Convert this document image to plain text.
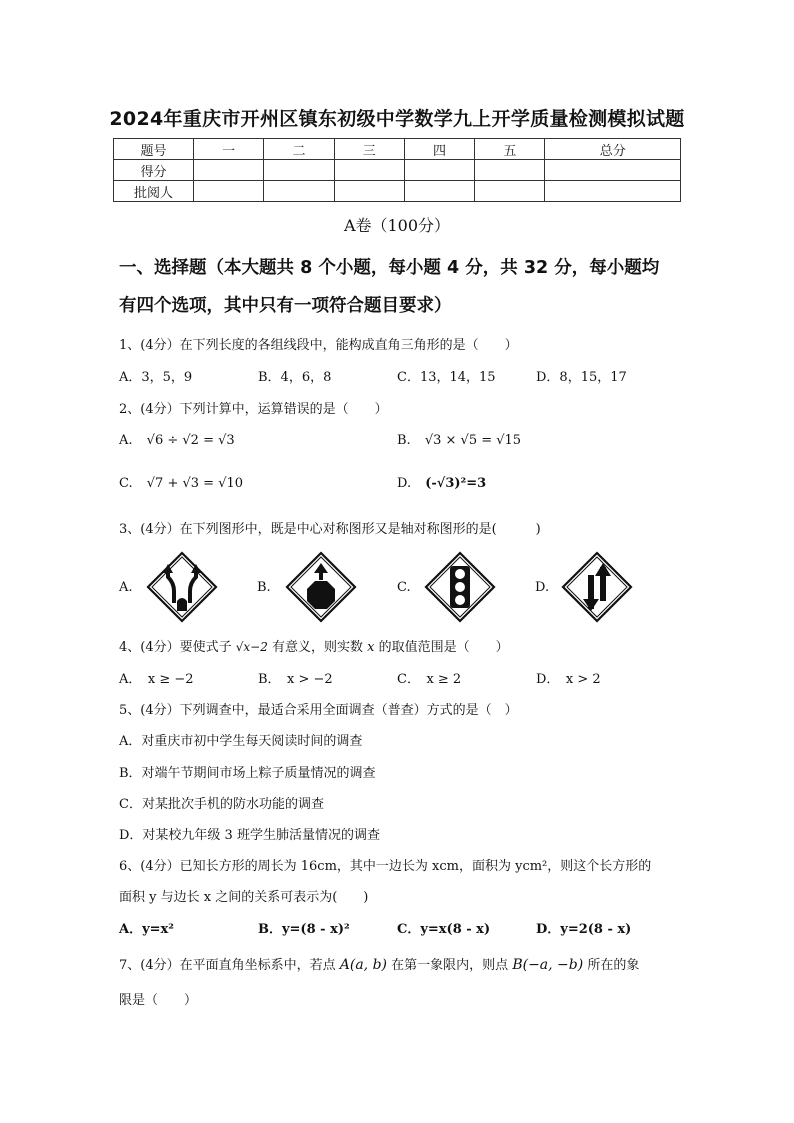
2024年重庆市开州区镇东初级中学数学九上开学质量检测模拟试题
题号	一	二	三	四	五	总分
得分						
批阅人						
A卷（100分）
一、选择题（本大题共 8 个小题，每小题 4 分，共 32 分，每小题均
有四个选项，其中只有一项符合题目要求）
1、(4分）在下列长度的各组线段中，能构成直角三角形的是（　　）
A．3，5，9	B．4，6，8	C．13，14，15	D．8，15，17
2、(4分）下列计算中，运算错误的是（　　）
A. √6 ÷ √2 = √3	B. √3 × √5 = √15
C. √7 + √3 = √10	D. (-√3)²=3
3、(4分）在下列图形中，既是中心对称图形又是轴对称图形的是(　　　)
A.	B.	C.	D.
4、(4分）要使式子 √x−2 有意义，则实数 x 的取值范围是（　　）
A．　x ≥ −2	B．　x > −2	C．　x ≥ 2	D．　x > 2
5、(4分）下列调查中，最适合采用全面调查（普查）方式的是（　）
A．对重庆市初中学生每天阅读时间的调查
B．对端午节期间市场上粽子质量情况的调查
C．对某批次手机的防水功能的调查
D．对某校九年级 3 班学生肺活量情况的调查
6、(4分）已知长方形的周长为 16cm，其中一边长为 xcm，面积为 ycm²，则这个长方形的
面积 y 与边长 x 之间的关系可表示为(　　)
A．y=x²	B．y=(8 - x)²	C．y=x(8 - x)	D．y=2(8 - x)
7、(4分）在平面直角坐标系中，若点 A(a, b) 在第一象限内，则点 B(−a, −b) 所在的象
限是（　　）
